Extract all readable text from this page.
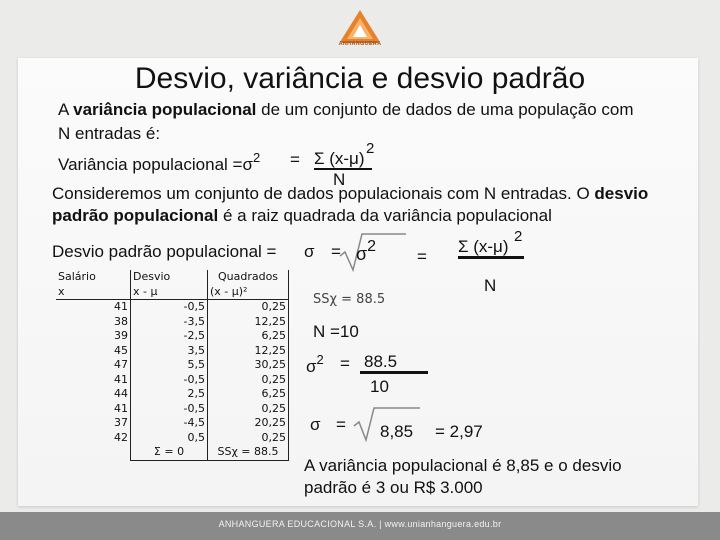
ANHANGUERA
Desvio, variância e desvio padrão
A variância populacional de um conjunto de dados de uma população com
N entradas é:
Variância populacional $=\sigma^2 = \Sigma$ (x-μ)
2
N
Consideremos um conjunto de dados populacionais com N entradas. O desvio
padrão populacional é a raiz quadrada da variância populacional
Desvio padrão populacional = σ = σ2
=
Σ (x-μ)
2
N
Salário	Desvio	Quadrados
x	x - μ	(x - μ)²
41	-0,5	0,25
38	-3,5	12,25
39	-2,5	6,25
45	3,5	12,25
47	5,5	30,25
41	-0,5	0,25
44	2,5	6,25
41	-0,5	0,25
37	-4,5	20,25
42	0,5	0,25
	Σ = 0	SSχ = 88.5
SSχ = 88.5
N =10
$\sigma^2 = 88.5$
10
σ = 8,85 = 2,97
A variância populacional é 8,85 e o desvio
padrão é 3 ou R$ 3.000
ANHANGUERA EDUCACIONAL S.A. | www.unianhanguera.edu.br
